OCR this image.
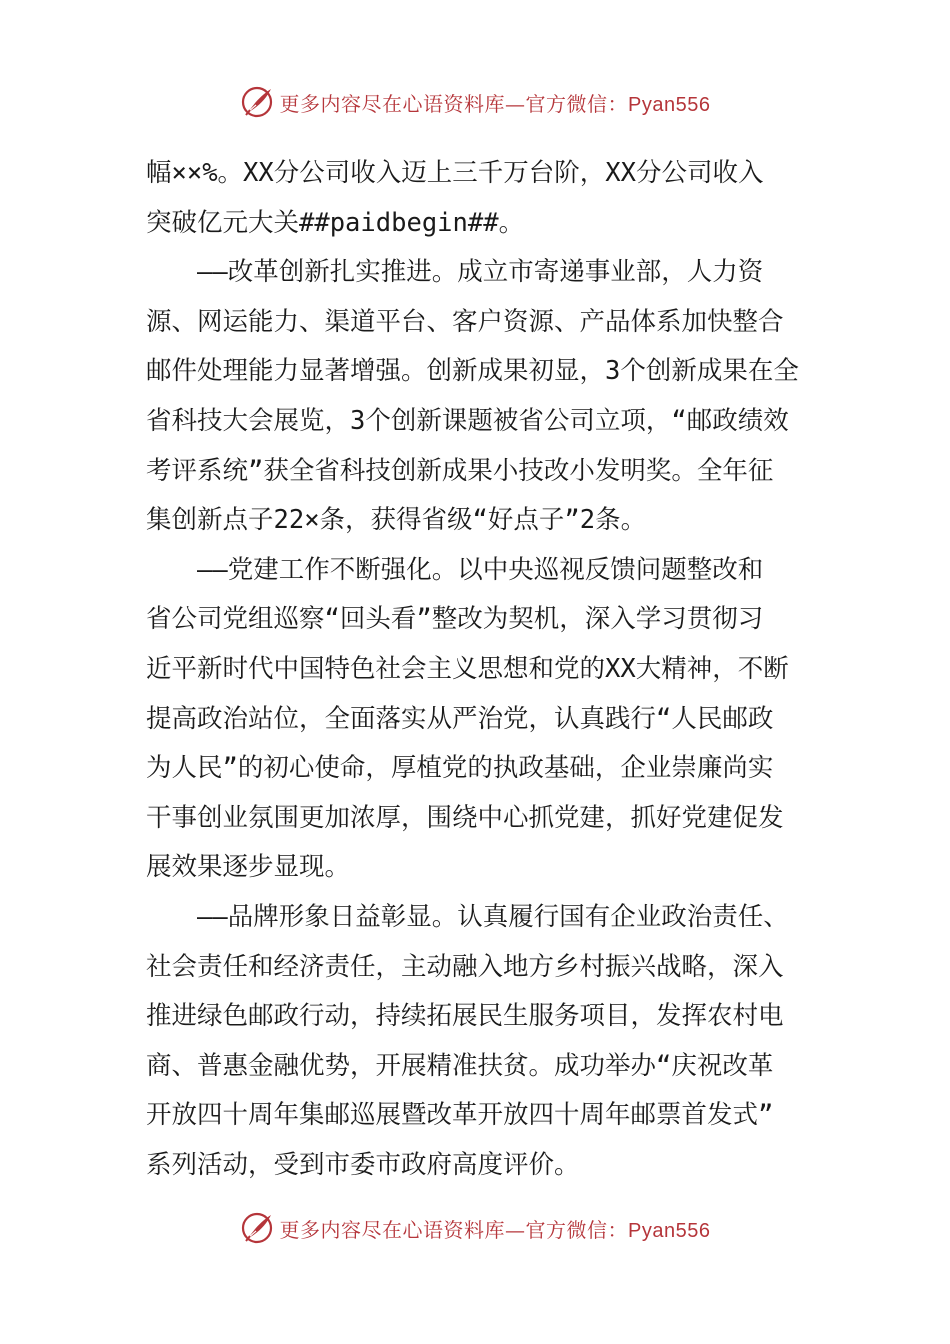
更多内容尽在心语资料库—官方微信：Pyan556
幅××%。XX分公司收入迈上三千万台阶，XX分公司收入
突破亿元大关##paidbegin##。
　　——改革创新扎实推进。成立市寄递事业部，人力资
源、网运能力、渠道平台、客户资源、产品体系加快整合
邮件处理能力显著增强。创新成果初显，3个创新成果在全
省科技大会展览，3个创新课题被省公司立项，“邮政绩效
考评系统”获全省科技创新成果小技改小发明奖。全年征
集创新点子22×条，获得省级“好点子”2条。
　　——党建工作不断强化。以中央巡视反馈问题整改和
省公司党组巡察“回头看”整改为契机，深入学习贯彻习
近平新时代中国特色社会主义思想和党的XX大精神，不断
提高政治站位，全面落实从严治党，认真践行“人民邮政
为人民”的初心使命，厚植党的执政基础，企业崇廉尚实
干事创业氛围更加浓厚，围绕中心抓党建，抓好党建促发
展效果逐步显现。
　　——品牌形象日益彰显。认真履行国有企业政治责任、
社会责任和经济责任，主动融入地方乡村振兴战略，深入
推进绿色邮政行动，持续拓展民生服务项目，发挥农村电
商、普惠金融优势，开展精准扶贫。成功举办“庆祝改革
开放四十周年集邮巡展暨改革开放四十周年邮票首发式”
系列活动，受到市委市政府高度评价。
更多内容尽在心语资料库—官方微信：Pyan556
